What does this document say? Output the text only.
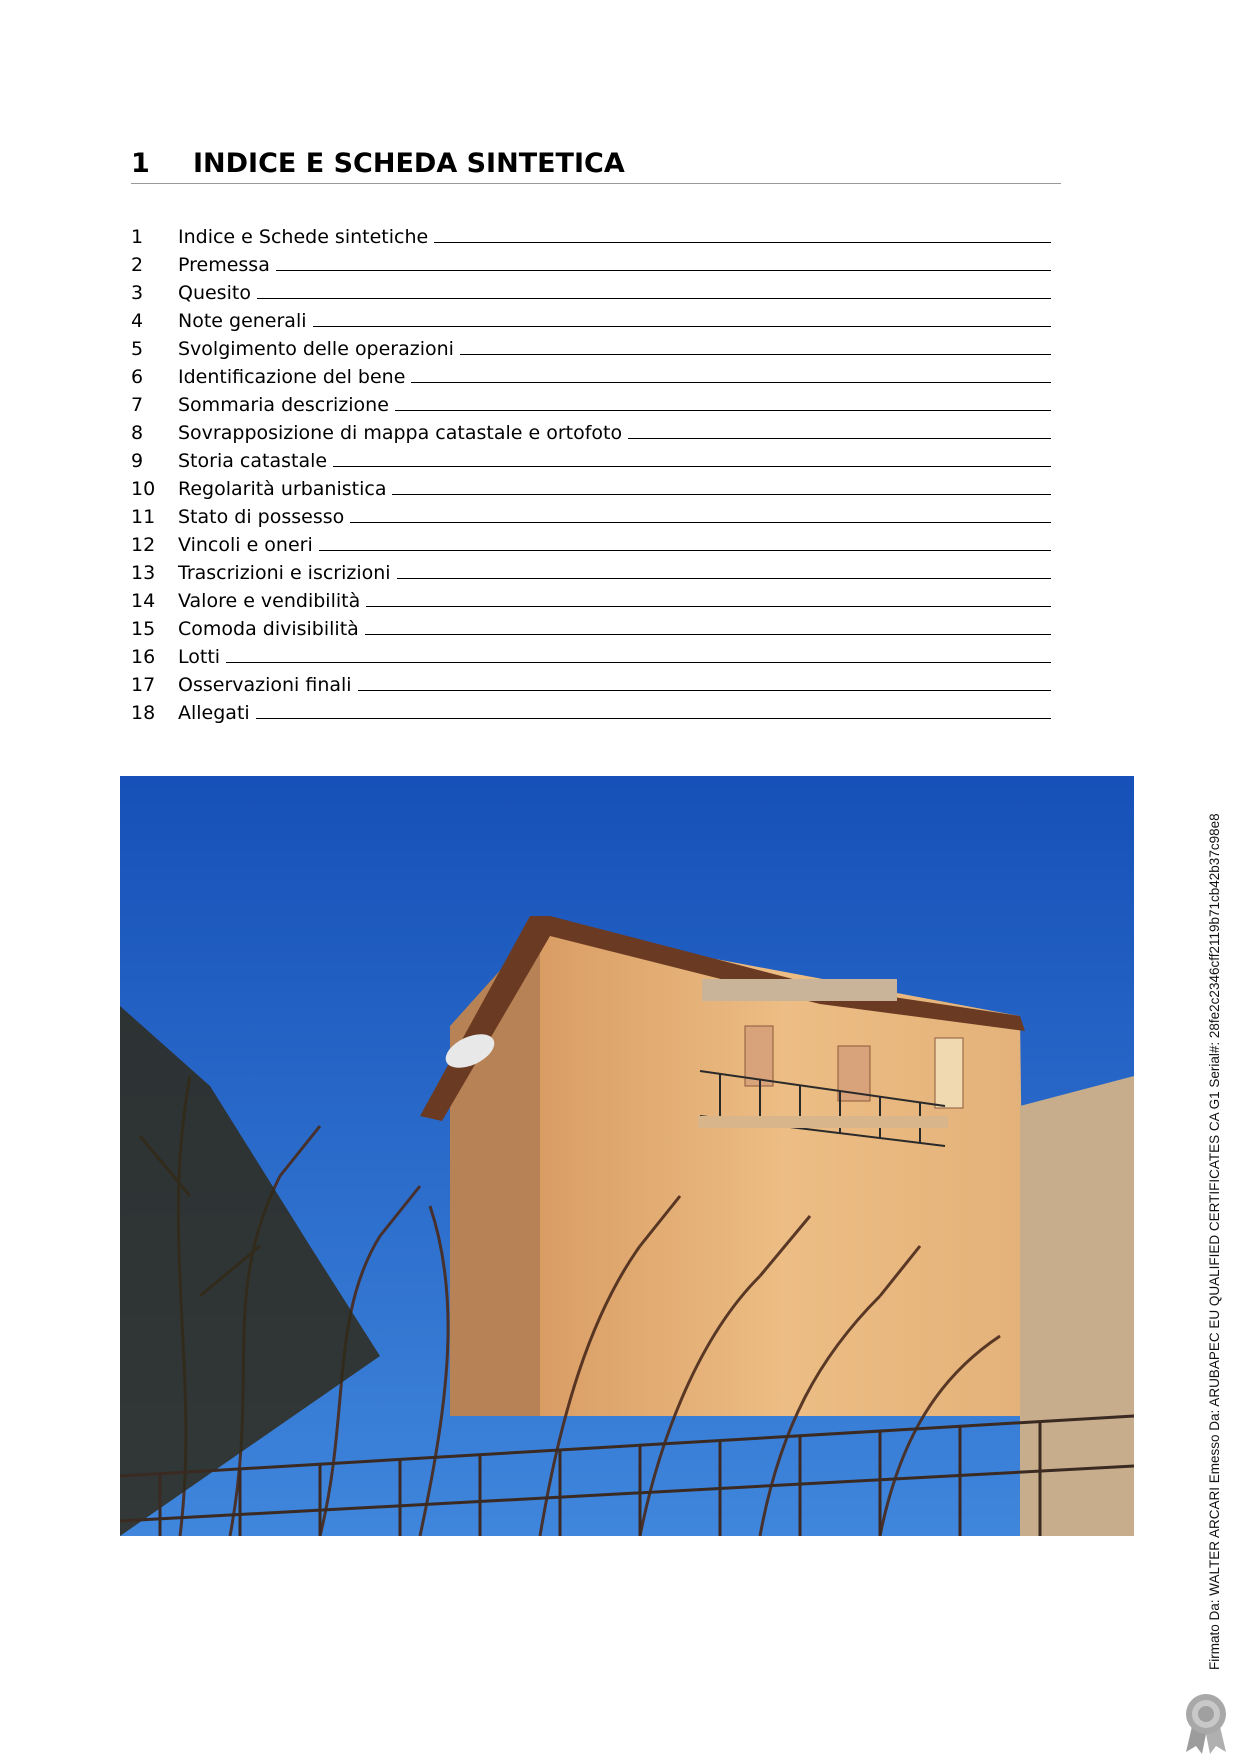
1	INDICE E SCHEDA SINTETICA
1	Indice e Schede sintetiche
2	Premessa
3	Quesito
4	Note generali
5	Svolgimento delle operazioni
6	Identificazione del bene
7	Sommaria descrizione
8	Sovrapposizione di mappa catastale e ortofoto
9	Storia catastale
10	Regolarità urbanistica
11	Stato di possesso
12	Vincoli e oneri
13	Trascrizioni e iscrizioni
14	Valore e vendibilità
15	Comoda divisibilità
16	Lotti
17	Osservazioni finali
18	Allegati
Firmato Da: WALTER ARCARI Emesso Da: ARUBAPEC EU QUALIFIED CERTIFICATES CA G1 Serial#: 28fe2c2346cff2119b71cb42b37c98e8
